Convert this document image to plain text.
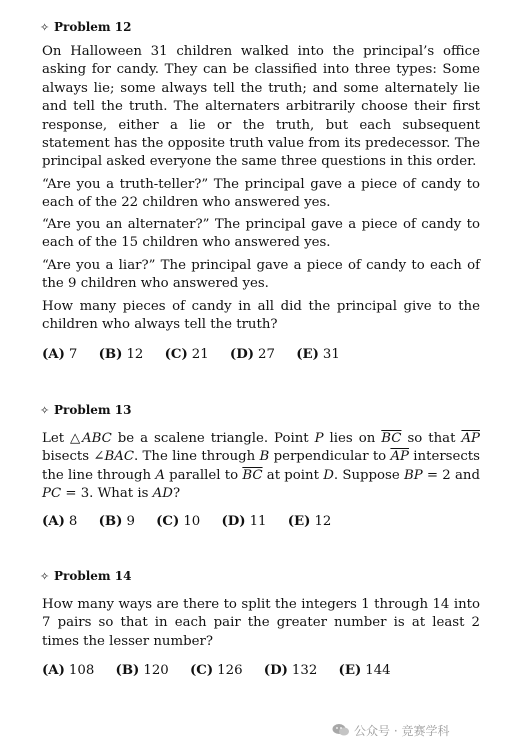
✧ Problem 12

On Halloween 31 children walked into the principal’s office asking for candy. They can be classified into three types: Some always lie; some always tell the truth; and some alternately lie and tell the truth. The alternaters arbitrarily choose their first response, either a lie or the truth, but each subsequent statement has the opposite truth value from its predecessor. The principal asked everyone the same three questions in this order.

“Are you a truth-teller?” The principal gave a piece of candy to each of the 22 children who answered yes.

“Are you an alternater?” The principal gave a piece of candy to each of the 15 children who answered yes.

“Are you a liar?” The principal gave a piece of candy to each of the 9 children who answered yes.

How many pieces of candy in all did the principal give to the children who always tell the truth?

(A) 7 (B) 12 (C) 21 (D) 27 (E) 31
✧ Problem 13

Let △ABC be a scalene triangle. Point P lies on $\overline{BC}$ so that $\overline{AP}$ bisects ∠BAC. The line through B perpendicular to $\overline{AP}$ intersects the line through A parallel to $\overline{BC}$ at point D. Suppose BP = 2 and PC = 3. What is AD?

(A) 8 (B) 9 (C) 10 (D) 11 (E) 12
✧ Problem 14

How many ways are there to split the integers 1 through 14 into 7 pairs so that in each pair the greater number is at least 2 times the lesser number?

(A) 108 (B) 120 (C) 126 (D) 132 (E) 144
公众号 · 竞赛学科
